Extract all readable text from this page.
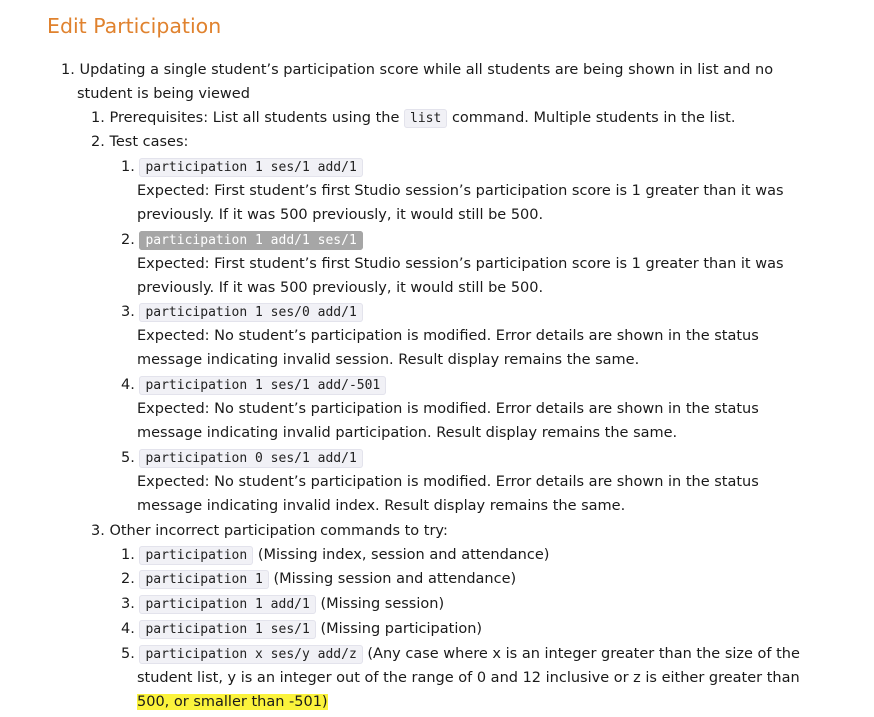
Edit Participation
1. Updating a single student’s participation score while all students are being shown in list and no
student is being viewed
1. Prerequisites: List all students using the list command. Multiple students in the list.
2. Test cases:
1. participation 1 ses/1 add/1
Expected: First student’s first Studio session’s participation score is 1 greater than it was
previously. If it was 500 previously, it would still be 500.
2. participation 1 add/1 ses/1
Expected: First student’s first Studio session’s participation score is 1 greater than it was
previously. If it was 500 previously, it would still be 500.
3. participation 1 ses/0 add/1
Expected: No student’s participation is modified. Error details are shown in the status
message indicating invalid session. Result display remains the same.
4. participation 1 ses/1 add/-501
Expected: No student’s participation is modified. Error details are shown in the status
message indicating invalid participation. Result display remains the same.
5. participation 0 ses/1 add/1
Expected: No student’s participation is modified. Error details are shown in the status
message indicating invalid index. Result display remains the same.
3. Other incorrect participation commands to try:
1. participation (Missing index, session and attendance)
2. participation 1 (Missing session and attendance)
3. participation 1 add/1 (Missing session)
4. participation 1 ses/1 (Missing participation)
5. participation x ses/y add/z (Any case where x is an integer greater than the size of the
student list, y is an integer out of the range of 0 and 12 inclusive or z is either greater than
500, or smaller than -501)
